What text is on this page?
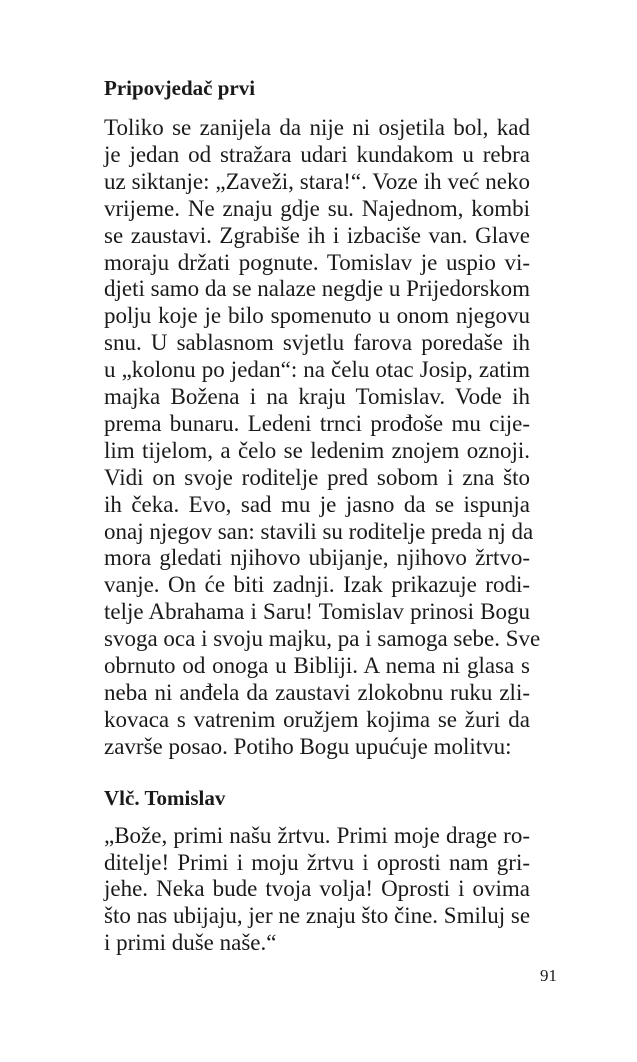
Pripovjedač prvi
Toliko se zanijela da nije ni osjetila bol, kad
je jedan od stražara udari kundakom u rebra
uz siktanje: „Zaveži, stara!“. Voze ih već neko
vrijeme. Ne znaju gdje su. Najednom, kombi
se zaustavi. Zgrabiše ih i izbaciše van. Glave
moraju držati pognute. Tomislav je uspio vi-
djeti samo da se nalaze negdje u Prijedorskom
polju koje je bilo spomenuto u onom njegovu
snu. U sablasnom svjetlu farova poredaše ih
u „kolonu po jedan“: na čelu otac Josip, zatim
majka Božena i na kraju Tomislav. Vode ih
prema bunaru. Ledeni trnci prođoše mu cije-
lim tijelom, a čelo se ledenim znojem oznoji.
Vidi on svoje roditelje pred sobom i zna što
ih čeka. Evo, sad mu je jasno da se ispunja
onaj njegov san: stavili su roditelje preda nj da
mora gledati njihovo ubijanje, njihovo žrtvo-
vanje. On će biti zadnji. Izak prikazuje rodi-
telje Abrahama i Saru! Tomislav prinosi Bogu
svoga oca i svoju majku, pa i samoga sebe. Sve
obrnuto od onoga u Bibliji. A nema ni glasa s
neba ni anđela da zaustavi zlokobnu ruku zli-
kovaca s vatrenim oružjem kojima se žuri da
završe posao. Potiho Bogu upućuje molitvu:
Vlč. Tomislav
„Bože, primi našu žrtvu. Primi moje drage ro-
ditelje! Primi i moju žrtvu i oprosti nam gri-
jehe. Neka bude tvoja volja! Oprosti i ovima
što nas ubijaju, jer ne znaju što čine. Smiluj se
i primi duše naše.“
91
